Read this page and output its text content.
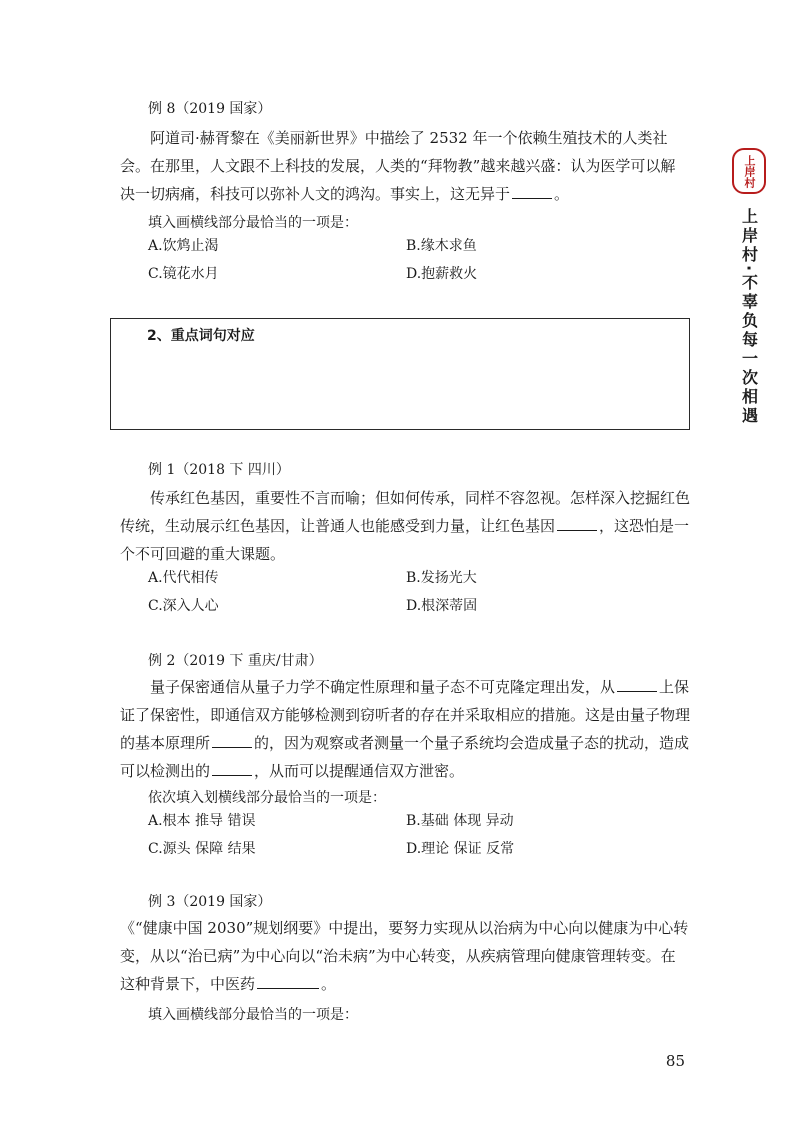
例 8（2019 国家）

阿道司·赫胥黎在《美丽新世界》中描绘了 2532 年一个依赖生殖技术的人类社会。在那里，人文跟不上科技的发展，人类的“拜物教”越来越兴盛：认为医学可以解决一切病痛，科技可以弥补人文的鸿沟。事实上，这无异于	。

填入画横线部分最恰当的一项是：
A.饮鸩止渴	B.缘木求鱼
C.镜花水月	D.抱薪救火
2、重点词句对应
例 1（2018 下 四川）

传承红色基因，重要性不言而喻；但如何传承，同样不容忽视。怎样深入挖掘红色传统，生动展示红色基因，让普通人也能感受到力量，让红色基因	，这恐怕是一个不可回避的重大课题。

A.代代相传	B.发扬光大
C.深入人心	D.根深蒂固
例 2（2019 下 重庆/甘肃）

量子保密通信从量子力学不确定性原理和量子态不可克隆定理出发，从	上保证了保密性，即通信双方能够检测到窃听者的存在并采取相应的措施。这是由量子物理的基本原理所	的，因为观察或者测量一个量子系统均会造成量子态的扰动，造成可以检测出的	，从而可以提醒通信双方泄密。

依次填入划横线部分最恰当的一项是：
A.根本 推导 错误	B.基础 体现 异动
C.源头 保障 结果	D.理论 保证 反常
例 3（2019 国家）

《“健康中国 2030”规划纲要》中提出，要努力实现从以治病为中心向以健康为中心转变，从以“治已病”为中心向以“治未病”为中心转变，从疾病管理向健康管理转变。在这种背景下，中医药	。

填入画横线部分最恰当的一项是：
上岸村
上岸村·不辜负每一次相遇
85
